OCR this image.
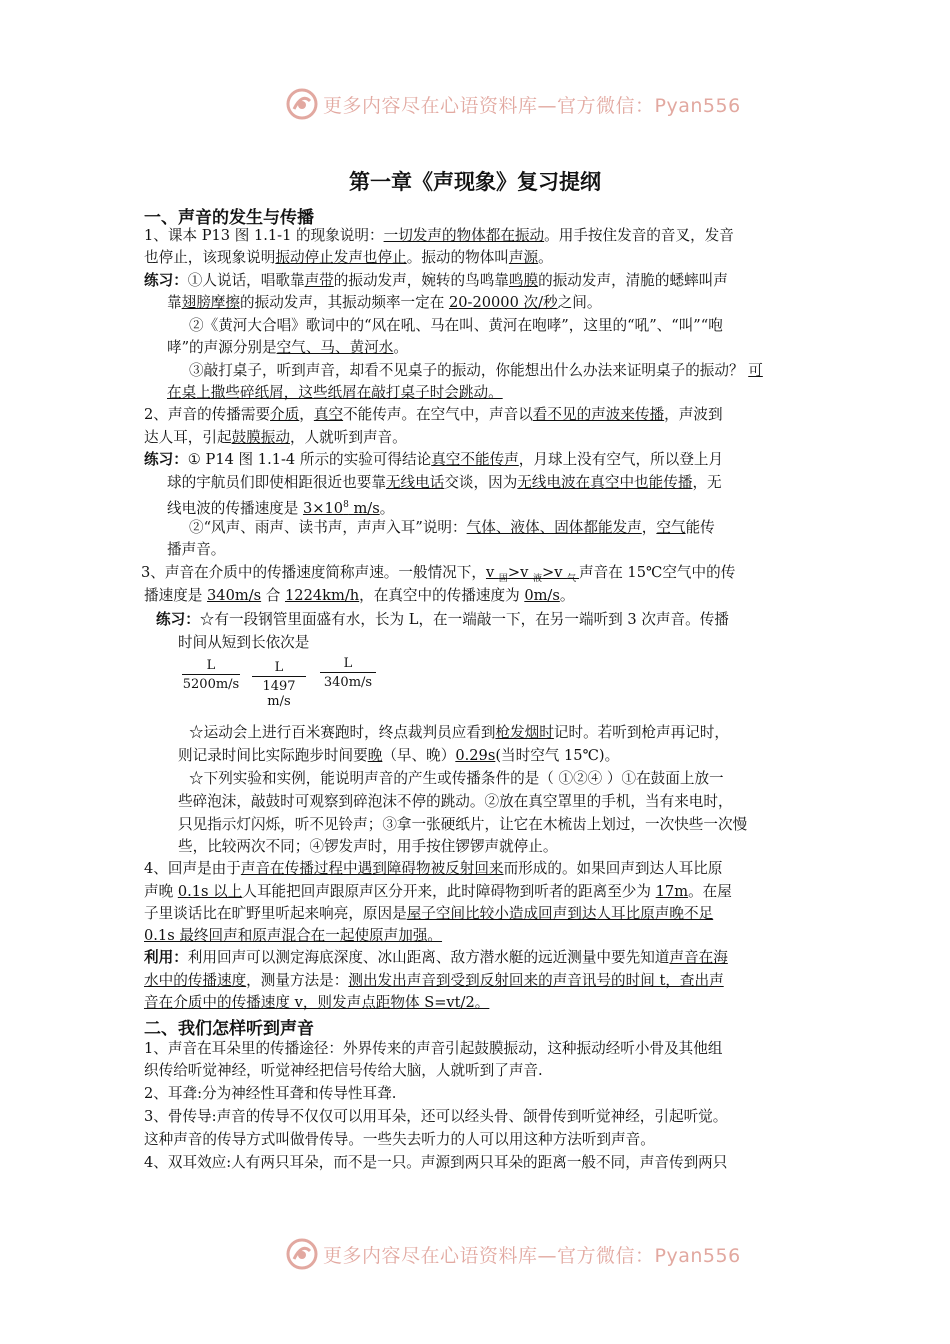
更多内容尽在心语资料库—官方微信：Pyan556
第一章《声现象》复习提纲
一、声音的发生与传播
1、课本 P13 图 1.1-1 的现象说明：一切发声的物体都在振动。用手按住发音的音叉，发音
也停止，该现象说明振动停止发声也停止。振动的物体叫声源。
练习：①人说话，唱歌靠声带的振动发声，婉转的鸟鸣靠鸣膜的振动发声，清脆的蟋蟀叫声
靠翅膀摩擦的振动发声，其振动频率一定在 20-20000 次/秒之间。
②《黄河大合唱》歌词中的“风在吼、马在叫、黄河在咆哮”，这里的“吼”、“叫”“咆
哮”的声源分别是空气、马、黄河水。
③敲打桌子，听到声音，却看不见桌子的振动，你能想出什么办法来证明桌子的振动？ 可
在桌上撒些碎纸屑，这些纸屑在敲打桌子时会跳动。
2、声音的传播需要介质，真空不能传声。在空气中，声音以看不见的声波来传播，声波到
达人耳，引起鼓膜振动，人就听到声音。
练习：① P14 图 1.1-4 所示的实验可得结论真空不能传声，月球上没有空气，所以登上月
球的宇航员们即使相距很近也要靠无线电话交谈，因为无线电波在真空中也能传播，无
线电波的传播速度是 $3\times 10^8$ m/s。
②“风声、雨声、读书声，声声入耳”说明：气体、液体、固体都能发声，空气能传
播声音。
3、声音在介质中的传播速度简称声速。一般情况下，v $_固$>v $_液$>v $_气$ 声音在 15℃空气中的传
播速度是 340m/s 合 1224km/h，在真空中的传播速度为 0m/s。
练习：☆有一段钢管里面盛有水，长为 L，在一端敲一下，在另一端听到 3 次声音。传播
时间从短到长依次是
$\frac{L}{5200m/s} \frac{L}{1497m/s} \frac{L}{340m/s}$
☆运动会上进行百米赛跑时，终点裁判员应看到枪发烟时记时。若听到枪声再记时，
则记录时间比实际跑步时间要晚（早、晚）0.29s(当时空气 15℃)。
☆下列实验和实例，能说明声音的产生或传播条件的是（ ①②④ ）①在鼓面上放一
些碎泡沫，敲鼓时可观察到碎泡沫不停的跳动。②放在真空罩里的手机，当有来电时，
只见指示灯闪烁，听不见铃声；③拿一张硬纸片，让它在木梳齿上划过，一次快些一次慢
些，比较两次不同；④锣发声时，用手按住锣锣声就停止。
4、回声是由于声音在传播过程中遇到障碍物被反射回来而形成的。如果回声到达人耳比原
声晚 0.1s 以上人耳能把回声跟原声区分开来，此时障碍物到听者的距离至少为 17m。在屋
子里谈话比在旷野里听起来响亮，原因是屋子空间比较小造成回声到达人耳比原声晚不足
0.1s 最终回声和原声混合在一起使原声加强。
利用：利用回声可以测定海底深度、冰山距离、敌方潜水艇的远近测量中要先知道声音在海
水中的传播速度，测量方法是：测出发出声音到受到反射回来的声音讯号的时间 t，查出声
音在介质中的传播速度 v，则发声点距物体 S=vt/2。
二、我们怎样听到声音
1、声音在耳朵里的传播途径：外界传来的声音引起鼓膜振动，这种振动经听小骨及其他组
织传给听觉神经，听觉神经把信号传给大脑，人就听到了声音.
2、耳聋:分为神经性耳聋和传导性耳聋.
3、骨传导:声音的传导不仅仅可以用耳朵，还可以经头骨、颌骨传到听觉神经，引起听觉。
这种声音的传导方式叫做骨传导。一些失去听力的人可以用这种方法听到声音。
4、双耳效应:人有两只耳朵，而不是一只。声源到两只耳朵的距离一般不同，声音传到两只
更多内容尽在心语资料库—官方微信：Pyan556
